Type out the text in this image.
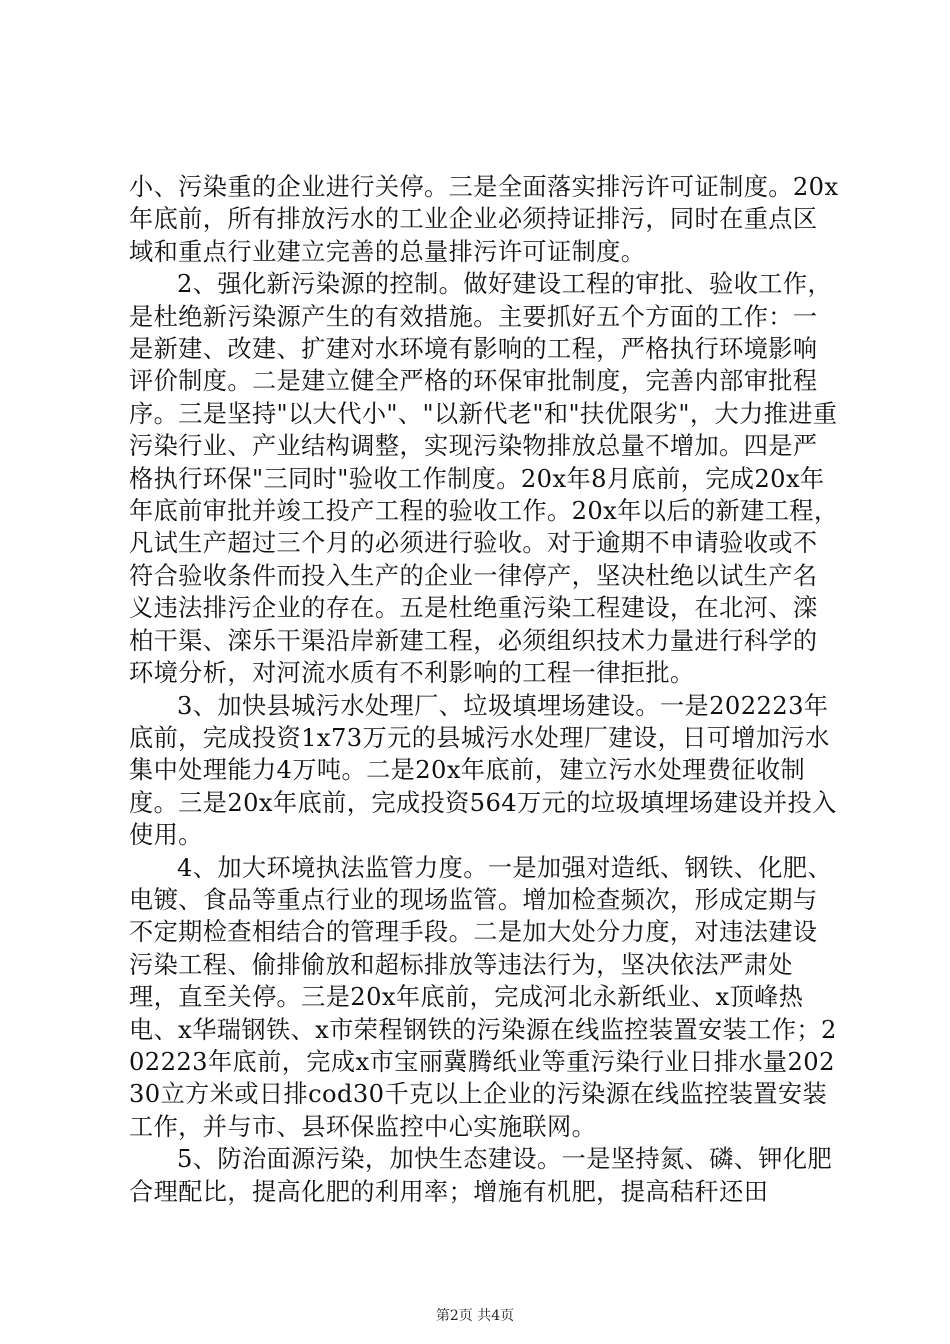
小、污染重的企业进行关停。三是全面落实排污许可证制度。20x年底前，所有排放污水的工业企业必须持证排污，同时在重点区域和重点行业建立完善的总量排污许可证制度。

2、强化新污染源的控制。做好建设工程的审批、验收工作，是杜绝新污染源产生的有效措施。主要抓好五个方面的工作：一是新建、改建、扩建对水环境有影响的工程，严格执行环境影响评价制度。二是建立健全严格的环保审批制度，完善内部审批程序。三是坚持"以大代小"、"以新代老"和"扶优限劣"，大力推进重污染行业、产业结构调整，实现污染物排放总量不增加。四是严格执行环保"三同时"验收工作制度。20x年8月底前，完成20x年年底前审批并竣工投产工程的验收工作。20x年以后的新建工程，凡试生产超过三个月的必须进行验收。对于逾期不申请验收或不符合验收条件而投入生产的企业一律停产，坚决杜绝以试生产名义违法排污企业的存在。五是杜绝重污染工程建设，在北河、滦柏干渠、滦乐干渠沿岸新建工程，必须组织技术力量进行科学的环境分析，对河流水质有不利影响的工程一律拒批。

3、加快县城污水处理厂、垃圾填埋场建设。一是202223年底前，完成投资1x73万元的县城污水处理厂建设，日可增加污水集中处理能力4万吨。二是20x年底前，建立污水处理费征收制度。三是20x年底前，完成投资564万元的垃圾填埋场建设并投入使用。

4、加大环境执法监管力度。一是加强对造纸、钢铁、化肥、电镀、食品等重点行业的现场监管。增加检查频次，形成定期与不定期检查相结合的管理手段。二是加大处分力度，对违法建设污染工程、偷排偷放和超标排放等违法行为，坚决依法严肃处理，直至关停。三是20x年底前，完成河北永新纸业、x顶峰热电、x华瑞钢铁、x市荣程钢铁的污染源在线监控装置安装工作；202223年底前，完成x市宝丽冀腾纸业等重污染行业日排水量20230立方米或日排cod30千克以上企业的污染源在线监控装置安装工作，并与市、县环保监控中心实施联网。

5、防治面源污染，加快生态建设。一是坚持氮、磷、钾化肥合理配比，提高化肥的利用率；增施有机肥，提高秸秆还田

第2页 共4页
